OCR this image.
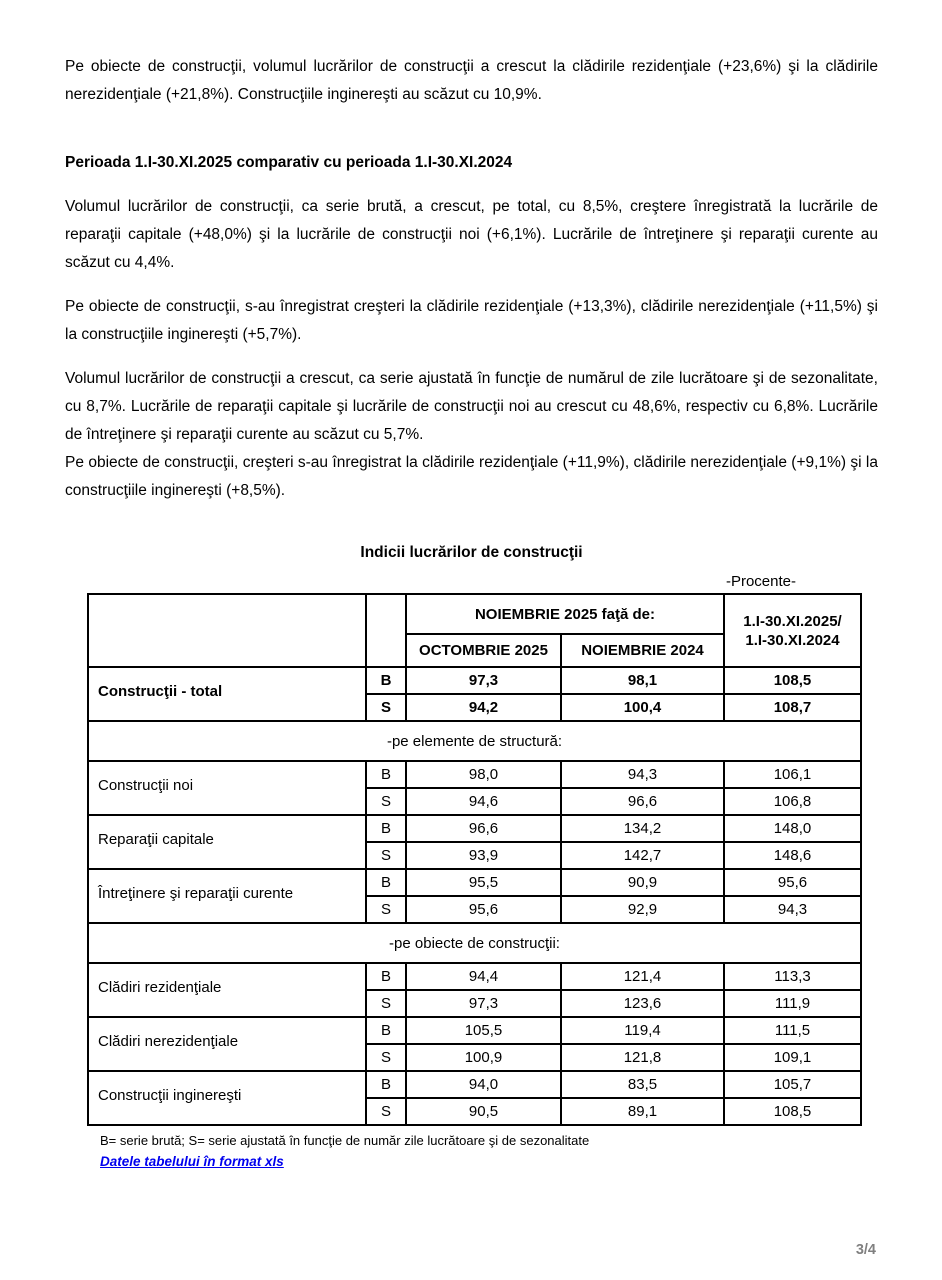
Pe obiecte de construcţii, volumul lucrărilor de construcţii a crescut la clădirile rezidenţiale (+23,6%) şi la clădirile nerezidenţiale (+21,8%). Construcţiile inginereşti au scăzut cu 10,9%.

Perioada 1.I-30.XI.2025 comparativ cu perioada 1.I-30.XI.2024

Volumul lucrărilor de construcţii, ca serie brută, a crescut, pe total, cu 8,5%, creştere înregistrată la lucrările de reparaţii capitale (+48,0%) şi la lucrările de construcţii noi (+6,1%). Lucrările de întreţinere şi reparaţii curente au scăzut cu 4,4%.

Pe obiecte de construcţii, s-au înregistrat creşteri la clădirile rezidenţiale (+13,3%), clădirile nerezidenţiale (+11,5%) şi la construcţiile inginereşti (+5,7%).

Volumul lucrărilor de construcţii a crescut, ca serie ajustată în funcţie de numărul de zile lucrătoare şi de sezonalitate, cu 8,7%. Lucrările de reparaţii capitale şi lucrările de construcţii noi au crescut cu 48,6%, respectiv cu 6,8%. Lucrările de întreţinere şi reparaţii curente au scăzut cu 5,7%.

Pe obiecte de construcţii, creşteri s-au înregistrat la clădirile rezidenţiale (+11,9%), clădirile nerezidenţiale (+9,1%) şi la construcţiile inginereşti (+8,5%).

Indicii lucrărilor de construcţii
-Procente-
		NOIEMBRIE 2025 faţă de:		1.I-30.XI.2025/
1.I-30.XI.2024
		OCTOMBRIE 2025	NOIEMBRIE 2024	
Construcţii - total	B	97,3	98,1	108,5
	S	94,2	100,4	108,7
-pe elemente de structură:				
Construcţii noi	B	98,0	94,3	106,1
	S	94,6	96,6	106,8
Reparaţii capitale	B	96,6	134,2	148,0
	S	93,9	142,7	148,6
Întreţinere şi reparaţii curente	B	95,5	90,9	95,6
	S	95,6	92,9	94,3
-pe obiecte de construcţii:				
Clădiri rezidenţiale	B	94,4	121,4	113,3
	S	97,3	123,6	111,9
Clădiri nerezidenţiale	B	105,5	119,4	111,5
	S	100,9	121,8	109,1
Construcţii inginereşti	B	94,0	83,5	105,7
	S	90,5	89,1	108,5
B= serie brută; S= serie ajustată în funcţie de număr zile lucrătoare şi de sezonalitate
Datele tabelului în format xls
3/4
